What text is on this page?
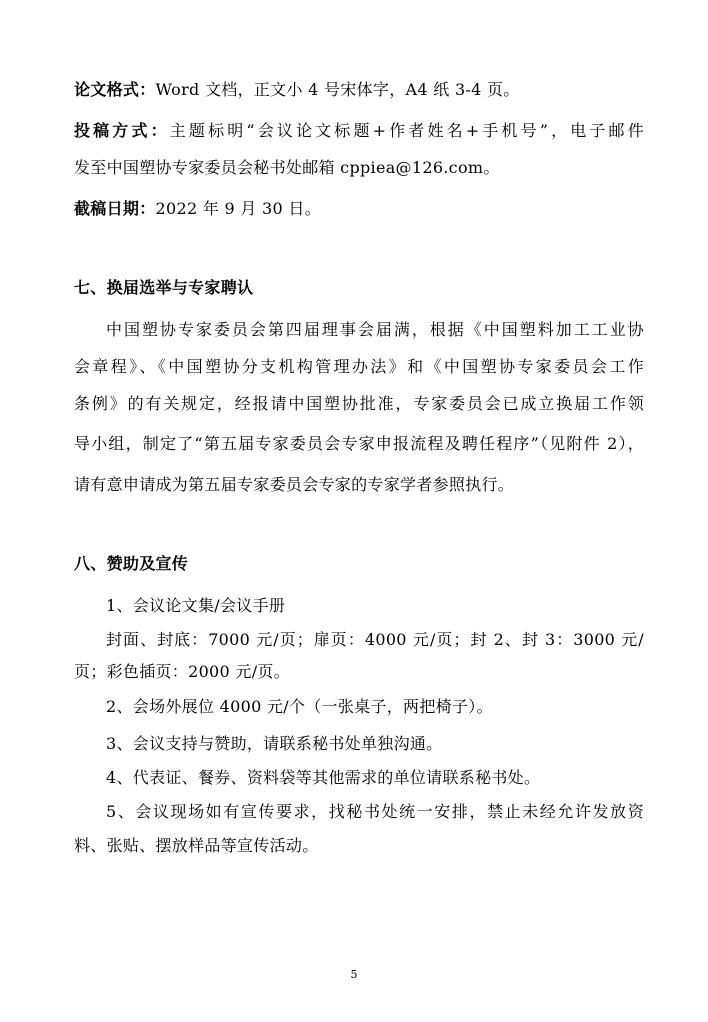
论文格式：Word 文档，正文小 4 号宋体字，A4 纸 3-4 页。
投稿方式：主题标明“会议论文标题+作者姓名+手机号”，电子邮件
发至中国塑协专家委员会秘书处邮箱 cppiea@126.com。
截稿日期：2022 年 9 月 30 日。
七、换届选举与专家聘认
中国塑协专家委员会第四届理事会届满，根据《中国塑料加工工业协
会章程》、《中国塑协分支机构管理办法》和《中国塑协专家委员会工作
条例》的有关规定，经报请中国塑协批准，专家委员会已成立换届工作领
导小组，制定了“第五届专家委员会专家申报流程及聘任程序”（见附件 2），
请有意申请成为第五届专家委员会专家的专家学者参照执行。
八、赞助及宣传
1、会议论文集/会议手册
封面、封底：7000 元/页；扉页：4000 元/页；封 2、封 3：3000 元/
页；彩色插页：2000 元/页。
2、会场外展位 4000 元/个（一张桌子，两把椅子）。
3、会议支持与赞助，请联系秘书处单独沟通。
4、代表证、餐券、资料袋等其他需求的单位请联系秘书处。
5、会议现场如有宣传要求，找秘书处统一安排，禁止未经允许发放资
料、张贴、摆放样品等宣传活动。
5
